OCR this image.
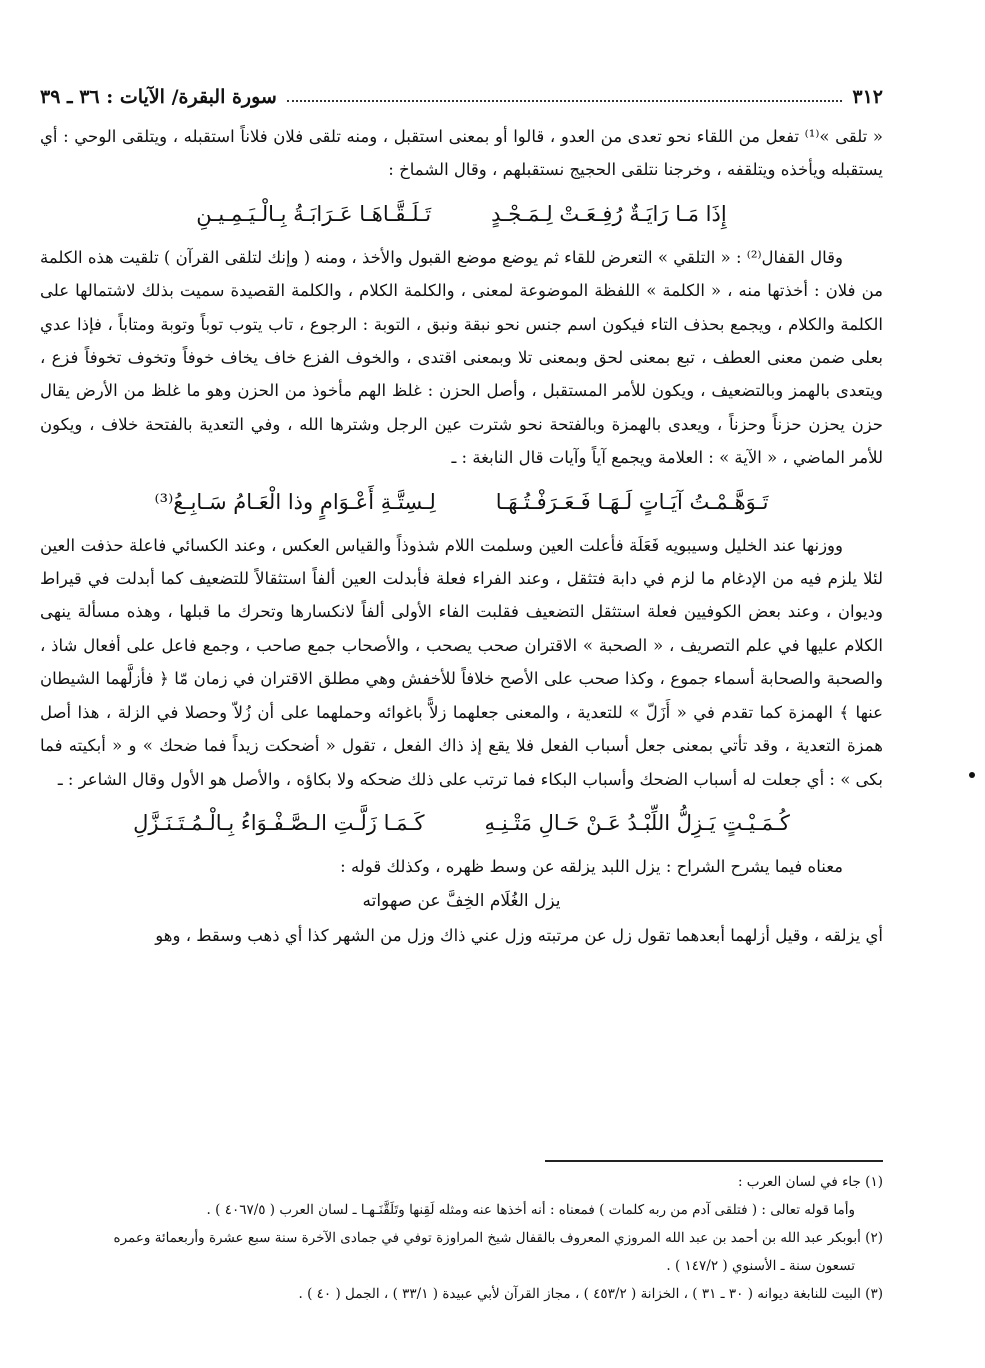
٣١٢
سورة البقرة/ الآيات : ٣٦ ـ ٣٩

« تلقى »⁽¹⁾ تفعل من اللقاء نحو تعدى من العدو ، قالوا أو بمعنى استقبل ، ومنه تلقى فلان فلاناً استقبله ، ويتلقى الوحي : أي يستقبله ويأخذه ويتلقفه ، وخرجنا نتلقى الحجيج نستقبلهم ، وقال الشماخ :

إِذَا مَـا رَايَـةٌ رُفِـعَـتْ لِـمَـجْـدٍ
تَـلَـقَّـاهَـا عَـرَابَـةُ بِـالْـيَـمِـيـنِ

وقال القفال⁽²⁾ : « التلقي » التعرض للقاء ثم يوضع موضع القبول والأخذ ، ومنه ( وإنك لتلقى القرآن ) تلقيت هذه الكلمة من فلان : أخذتها منه ، « الكلمة » اللفظة الموضوعة لمعنى ، والكلمة الكلام ، والكلمة القصيدة سميت بذلك لاشتمالها على الكلمة والكلام ، ويجمع بحذف التاء فيكون اسم جنس نحو نبقة ونبق ، التوبة : الرجوع ، تاب يتوب توباً وتوبة ومتاباً ، فإذا عدي بعلى ضمن معنى العطف ، تبع بمعنى لحق وبمعنى تلا وبمعنى اقتدى ، والخوف الفزع خاف يخاف خوفاً وتخوف تخوفاً فزع ، ويتعدى بالهمز وبالتضعيف ، ويكون للأمر المستقبل ، وأصل الحزن : غلظ الهم مأخوذ من الحزن وهو ما غلظ من الأرض يقال حزن يحزن حزناً وحزناً ، ويعدى بالهمزة وبالفتحة نحو شترت عين الرجل وشترها الله ، وفي التعدية بالفتحة خلاف ، ويكون للأمر الماضي ، « الآية » : العلامة ويجمع آياً وآيات قال النابغة : ـ

تَـوَهَّـمْـتُ آيَـاتٍ لَـهَـا فَـعَـرَفْـتُـهَـا
لِـسِتَّـةِ أَعْـوَامٍ وذا الْعَـامُ سَـابِـعُ⁽³⁾

ووزنها عند الخليل وسيبويه فَعَلَة فأعلت العين وسلمت اللام شذوذاً والقياس العكس ، وعند الكسائي فاعلة حذفت العين لئلا يلزم فيه من الإدغام ما لزم في دابة فتثقل ، وعند الفراء فعلة فأبدلت العين ألفاً استثقالاً للتضعيف كما أبدلت في قيراط وديوان ، وعند بعض الكوفيين فعلة استثقل التضعيف فقلبت الفاء الأولى ألفاً لانكسارها وتحرك ما قبلها ، وهذه مسألة ينهى الكلام عليها في علم التصريف ، « الصحبة » الاقتران صحب يصحب ، والأصحاب جمع صاحب ، وجمع فاعل على أفعال شاذ ، والصحبة والصحابة أسماء جموع ، وكذا صحب على الأصح خلافاً للأخفش وهي مطلق الاقتران في زمان مّا ﴿ فأزلَّهما الشيطان عنها ﴾ الهمزة كما تقدم في « أَزَلّ » للتعدية ، والمعنى جعلهما زلاًّ باغوائه وحملهما على أن زُلاّ وحصلا في الزلة ، هذا أصل همزة التعدية ، وقد تأتي بمعنى جعل أسباب الفعل فلا يقع إذ ذاك الفعل ، تقول « أضحكت زيداً فما ضحك » و « أبكيته فما بكى » : أي جعلت له أسباب الضحك وأسباب البكاء فما ترتب على ذلك ضحكه ولا بكاؤه ، والأصل هو الأول وقال الشاعر : ـ

كُـمَـيْـتٍ يَـزِلُّ اللِّبْـدُ عَـنْ حَـالِ مَتْـنِـهِ
كَـمَـا زَلَّـتِ الـصَّـفْـوَاءُ بِـالْـمُـتَـنَـزَّلِ

معناه فيما يشرح الشراح : يزل اللبد يزلقه عن وسط ظهره ، وكذلك قوله :

يزل الغُلَام الخِفَّ عن صهواته

أي يزلقه ، وقيل أزلهما أبعدهما تقول زل عن مرتبته وزل عني ذاك وزل من الشهر كذا أي ذهب وسقط ، وهو

(١) جاء في لسان العرب :

وأما قوله تعالى : ( فتلقى آدم من ربه كلمات ) فمعناه : أنه أخذها عنه ومثله لَقِنها وتَلَقَّنَـهـا ـ لسان العرب ( ٤٠٦٧/٥ ) .

(٢) أبوبكر عبد الله بن أحمد بن عبد الله المروزي المعروف بالقفال شيخ المراوزة توفي في جمادى الآخرة سنة سبع عشرة وأربعمائة وعمره

تسعون سنة ـ الأسنوي ( ١٤٧/٢ ) .

(٣) البيت للنابغة ديوانه ( ٣٠ ـ ٣١ ) ، الخزانة ( ٤٥٣/٢ ) ، مجاز القرآن لأبي عبيدة ( ٣٣/١ ) ، الجمل ( ٤٠ ) .
